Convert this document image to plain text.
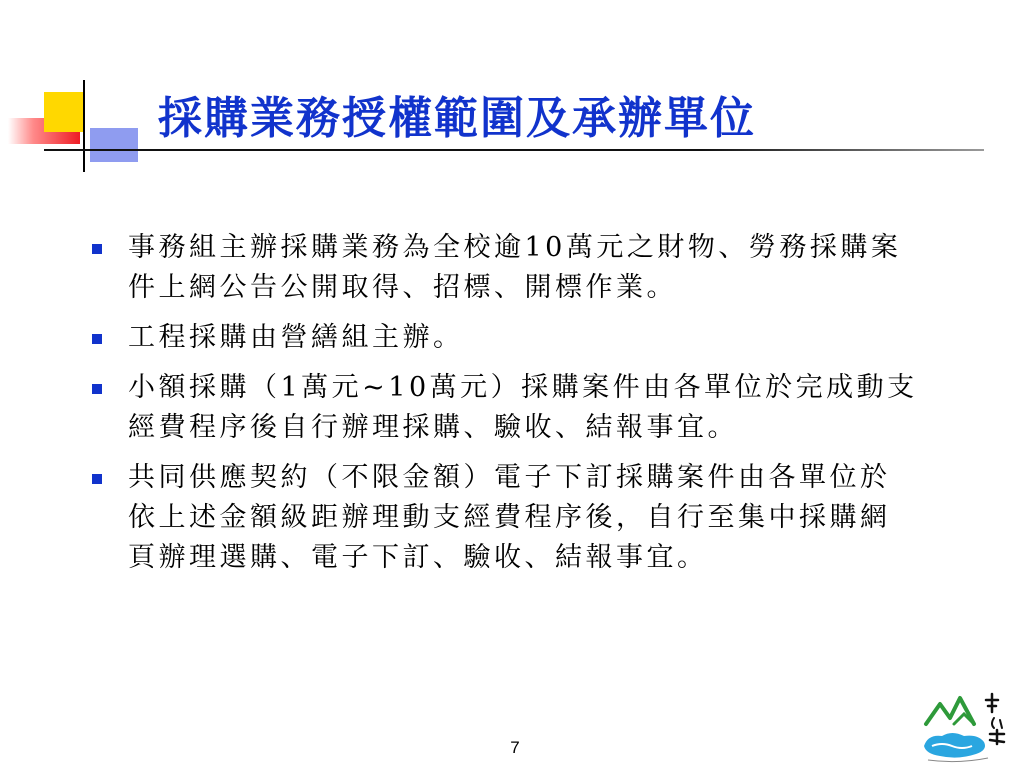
採購業務授權範圍及承辦單位
事務組主辦採購業務為全校逾10萬元之財物、勞務採購案件上網公告公開取得、招標、開標作業。
工程採購由營繕組主辦。
小額採購（1萬元~10萬元）採購案件由各單位於完成動支經費程序後自行辦理採購、驗收、結報事宜。
共同供應契約（不限金額）電子下訂採購案件由各單位於依上述金額級距辦理動支經費程序後，自行至集中採購網頁辦理選購、電子下訂、驗收、結報事宜。
7
